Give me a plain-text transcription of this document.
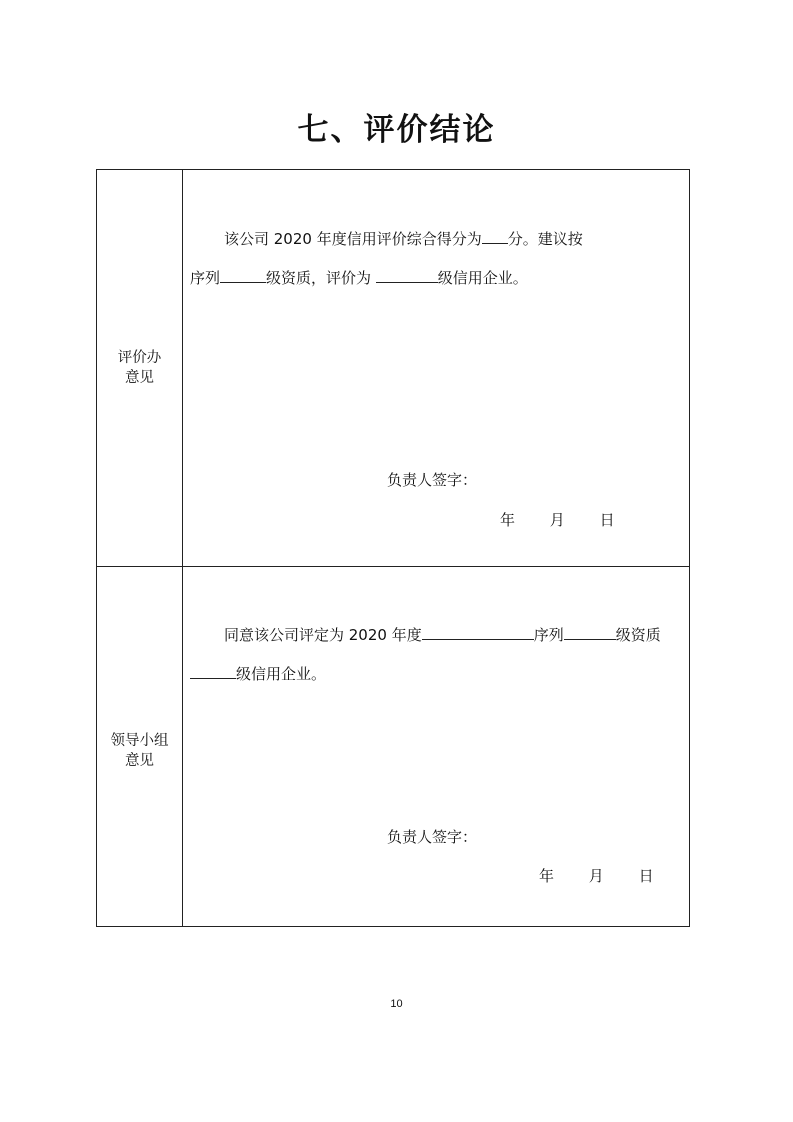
七、评价结论
评价办
意见
该公司 2020 年度信用评价综合得分为 分。建议按
序列	级资质，评价为	级信用企业。
负责人签字：
年 月 日
领导小组
意见
同意该公司评定为 2020 年度	序列	级资质
级信用企业。
负责人签字：
年 月 日
10
